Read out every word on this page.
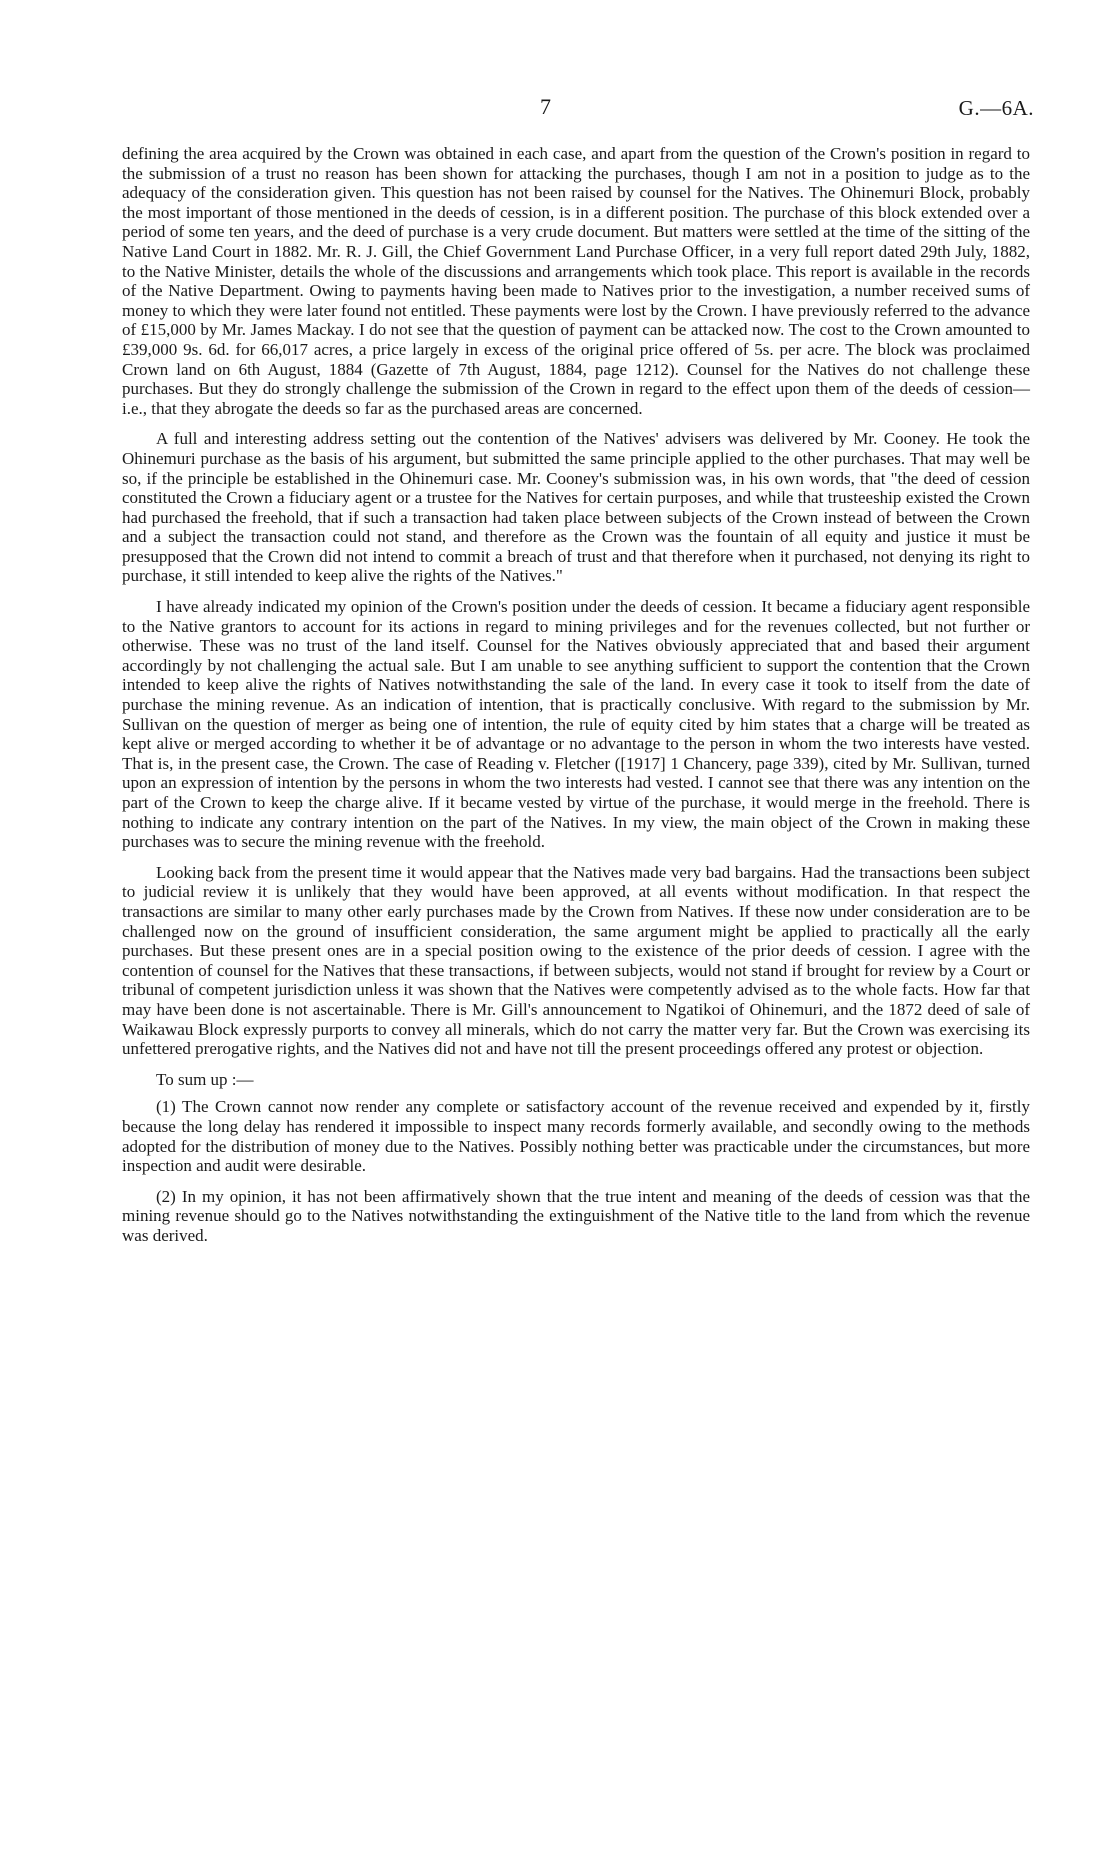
7	G.—6A.

defining the area acquired by the Crown was obtained in each case, and apart from the question of the Crown's position in regard to the submission of a trust no reason has been shown for attacking the purchases, though I am not in a position to judge as to the adequacy of the consideration given. This question has not been raised by counsel for the Natives. The Ohinemuri Block, probably the most important of those mentioned in the deeds of cession, is in a different position. The purchase of this block extended over a period of some ten years, and the deed of purchase is a very crude document. But matters were settled at the time of the sitting of the Native Land Court in 1882. Mr. R. J. Gill, the Chief Government Land Purchase Officer, in a very full report dated 29th July, 1882, to the Native Minister, details the whole of the discussions and arrangements which took place. This report is available in the records of the Native Department. Owing to payments having been made to Natives prior to the investigation, a number received sums of money to which they were later found not entitled. These payments were lost by the Crown. I have previously referred to the advance of £15,000 by Mr. James Mackay. I do not see that the question of payment can be attacked now. The cost to the Crown amounted to £39,000 9s. 6d. for 66,017 acres, a price largely in excess of the original price offered of 5s. per acre. The block was proclaimed Crown land on 6th August, 1884 (Gazette of 7th August, 1884, page 1212). Counsel for the Natives do not challenge these purchases. But they do strongly challenge the submission of the Crown in regard to the effect upon them of the deeds of cession—i.e., that they abrogate the deeds so far as the purchased areas are concerned.

A full and interesting address setting out the contention of the Natives' advisers was delivered by Mr. Cooney. He took the Ohinemuri purchase as the basis of his argument, but submitted the same principle applied to the other purchases. That may well be so, if the principle be established in the Ohinemuri case. Mr. Cooney's submission was, in his own words, that "the deed of cession constituted the Crown a fiduciary agent or a trustee for the Natives for certain purposes, and while that trusteeship existed the Crown had purchased the freehold, that if such a transaction had taken place between subjects of the Crown instead of between the Crown and a subject the transaction could not stand, and therefore as the Crown was the fountain of all equity and justice it must be presupposed that the Crown did not intend to commit a breach of trust and that therefore when it purchased, not denying its right to purchase, it still intended to keep alive the rights of the Natives."

I have already indicated my opinion of the Crown's position under the deeds of cession. It became a fiduciary agent responsible to the Native grantors to account for its actions in regard to mining privileges and for the revenues collected, but not further or otherwise. These was no trust of the land itself. Counsel for the Natives obviously appreciated that and based their argument accordingly by not challenging the actual sale. But I am unable to see anything sufficient to support the contention that the Crown intended to keep alive the rights of Natives notwithstanding the sale of the land. In every case it took to itself from the date of purchase the mining revenue. As an indication of intention, that is practically conclusive. With regard to the submission by Mr. Sullivan on the question of merger as being one of intention, the rule of equity cited by him states that a charge will be treated as kept alive or merged according to whether it be of advantage or no advantage to the person in whom the two interests have vested. That is, in the present case, the Crown. The case of Reading v. Fletcher ([1917] 1 Chancery, page 339), cited by Mr. Sullivan, turned upon an expression of intention by the persons in whom the two interests had vested. I cannot see that there was any intention on the part of the Crown to keep the charge alive. If it became vested by virtue of the purchase, it would merge in the freehold. There is nothing to indicate any contrary intention on the part of the Natives. In my view, the main object of the Crown in making these purchases was to secure the mining revenue with the freehold.

Looking back from the present time it would appear that the Natives made very bad bargains. Had the transactions been subject to judicial review it is unlikely that they would have been approved, at all events without modification. In that respect the transactions are similar to many other early purchases made by the Crown from Natives. If these now under consideration are to be challenged now on the ground of insufficient consideration, the same argument might be applied to practically all the early purchases. But these present ones are in a special position owing to the existence of the prior deeds of cession. I agree with the contention of counsel for the Natives that these transactions, if between subjects, would not stand if brought for review by a Court or tribunal of competent jurisdiction unless it was shown that the Natives were competently advised as to the whole facts. How far that may have been done is not ascertainable. There is Mr. Gill's announcement to Ngatikoi of Ohinemuri, and the 1872 deed of sale of Waikawau Block expressly purports to convey all minerals, which do not carry the matter very far. But the Crown was exercising its unfettered prerogative rights, and the Natives did not and have not till the present proceedings offered any protest or objection.

To sum up :—

(1) The Crown cannot now render any complete or satisfactory account of the revenue received and expended by it, firstly because the long delay has rendered it impossible to inspect many records formerly available, and secondly owing to the methods adopted for the distribution of money due to the Natives. Possibly nothing better was practicable under the circumstances, but more inspection and audit were desirable.

(2) In my opinion, it has not been affirmatively shown that the true intent and meaning of the deeds of cession was that the mining revenue should go to the Natives notwithstanding the extinguishment of the Native title to the land from which the revenue was derived.
